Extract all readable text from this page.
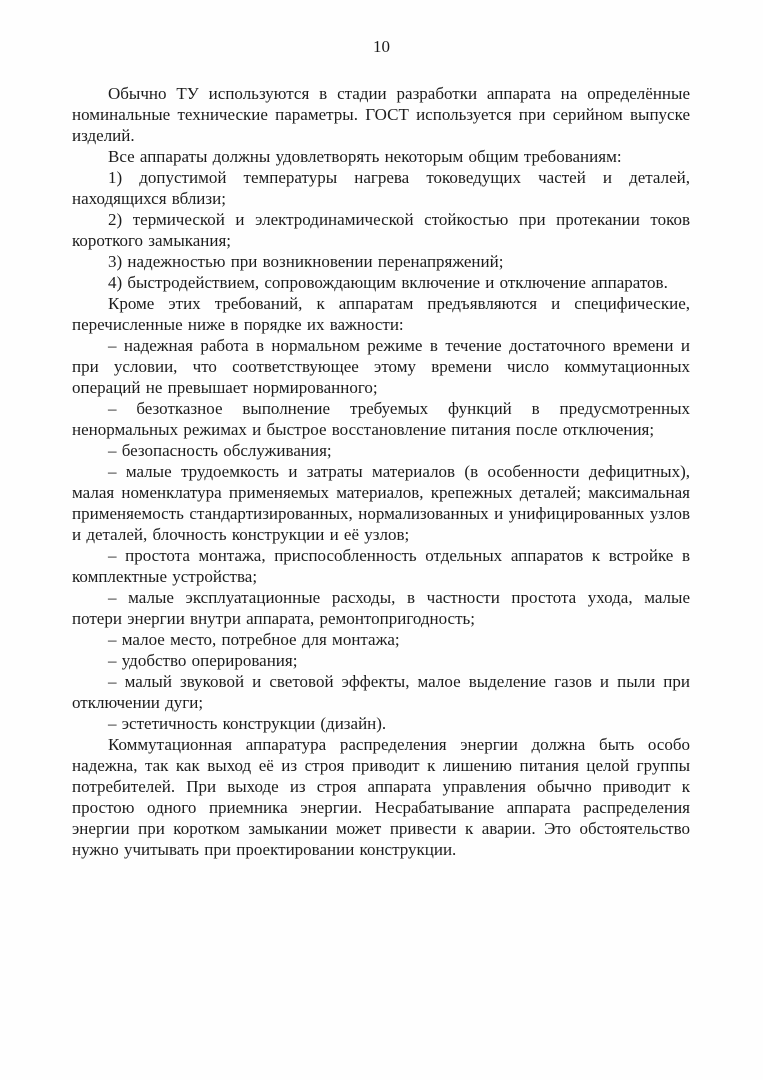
10

Обычно ТУ используются в стадии разработки аппарата на определённые номинальные технические параметры. ГОСТ используется при серийном выпуске изделий.

Все аппараты должны удовлетворять некоторым общим требованиям:

1) допустимой температуры нагрева токоведущих частей и деталей, находящихся вблизи;

2) термической и электродинамической стойкостью при протекании токов короткого замыкания;

3) надежностью при возникновении перенапряжений;

4) быстродействием, сопровождающим включение и отключение аппаратов.

Кроме этих требований, к аппаратам предъявляются и специфические, перечисленные ниже в порядке их важности:

– надежная работа в нормальном режиме в течение достаточного времени и при условии, что соответствующее этому времени число коммутационных операций не превышает нормированного;

– безотказное выполнение требуемых функций в предусмотренных ненормальных режимах и быстрое восстановление питания после отключения;

– безопасность обслуживания;

– малые трудоемкость и затраты материалов (в особенности дефицитных), малая номенклатура применяемых материалов, крепежных деталей; максимальная применяемость стандартизированных, нормализованных и унифицированных узлов и деталей, блочность конструкции и её узлов;

– простота монтажа, приспособленность отдельных аппаратов к встройке в комплектные устройства;

– малые эксплуатационные расходы, в частности простота ухода, малые потери энергии внутри аппарата, ремонтопригодность;

– малое место, потребное для монтажа;

– удобство оперирования;

– малый звуковой и световой эффекты, малое выделение газов и пыли при отключении дуги;

– эстетичность конструкции (дизайн).

Коммутационная аппаратура распределения энергии должна быть особо надежна, так как выход её из строя приводит к лишению питания целой группы потребителей. При выходе из строя аппарата управления обычно приводит к простою одного приемника энергии. Несрабатывание аппарата распределения энергии при коротком замыкании может привести к аварии. Это обстоятельство нужно учитывать при проектировании конструкции.
